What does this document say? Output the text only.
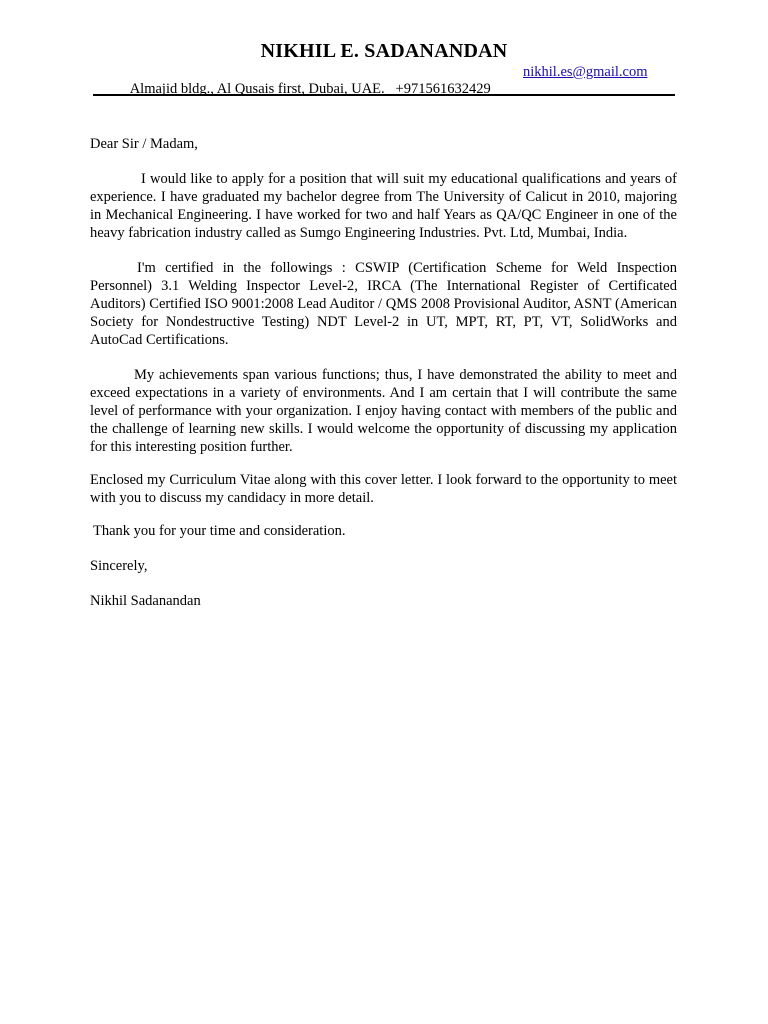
NIKHIL E. SADANANDAN

Almajid bldg., Al Qusais first, Dubai, UAE.   +971561632429

nikhil.es@gmail.com

Dear Sir / Madam,

I would like to apply for a position that will suit my educational qualifications and years of experience. I have graduated my bachelor degree from The University of Calicut in 2010, majoring in Mechanical Engineering. I have worked for two and half Years as QA/QC Engineer in one of the heavy fabrication industry called as Sumgo Engineering Industries. Pvt. Ltd, Mumbai, India.

I'm certified in the followings : CSWIP (Certification Scheme for Weld Inspection Personnel) 3.1 Welding Inspector Level-2, IRCA (The International Register of Certificated Auditors) Certified ISO 9001:2008 Lead Auditor / QMS 2008 Provisional Auditor, ASNT (American Society for Nondestructive Testing) NDT Level-2 in UT, MPT, RT, PT, VT, SolidWorks and AutoCad Certifications.

My achievements span various functions; thus, I have demonstrated the ability to meet and exceed expectations in a variety of environments. And I am certain that I will contribute the same level of performance with your organization. I enjoy having contact with members of the public and the challenge of learning new skills. I would welcome the opportunity of discussing my application for this interesting position further.

Enclosed my Curriculum Vitae along with this cover letter. I look forward to the opportunity to meet with you to discuss my candidacy in more detail.

Thank you for your time and consideration.

Sincerely,

Nikhil Sadanandan
